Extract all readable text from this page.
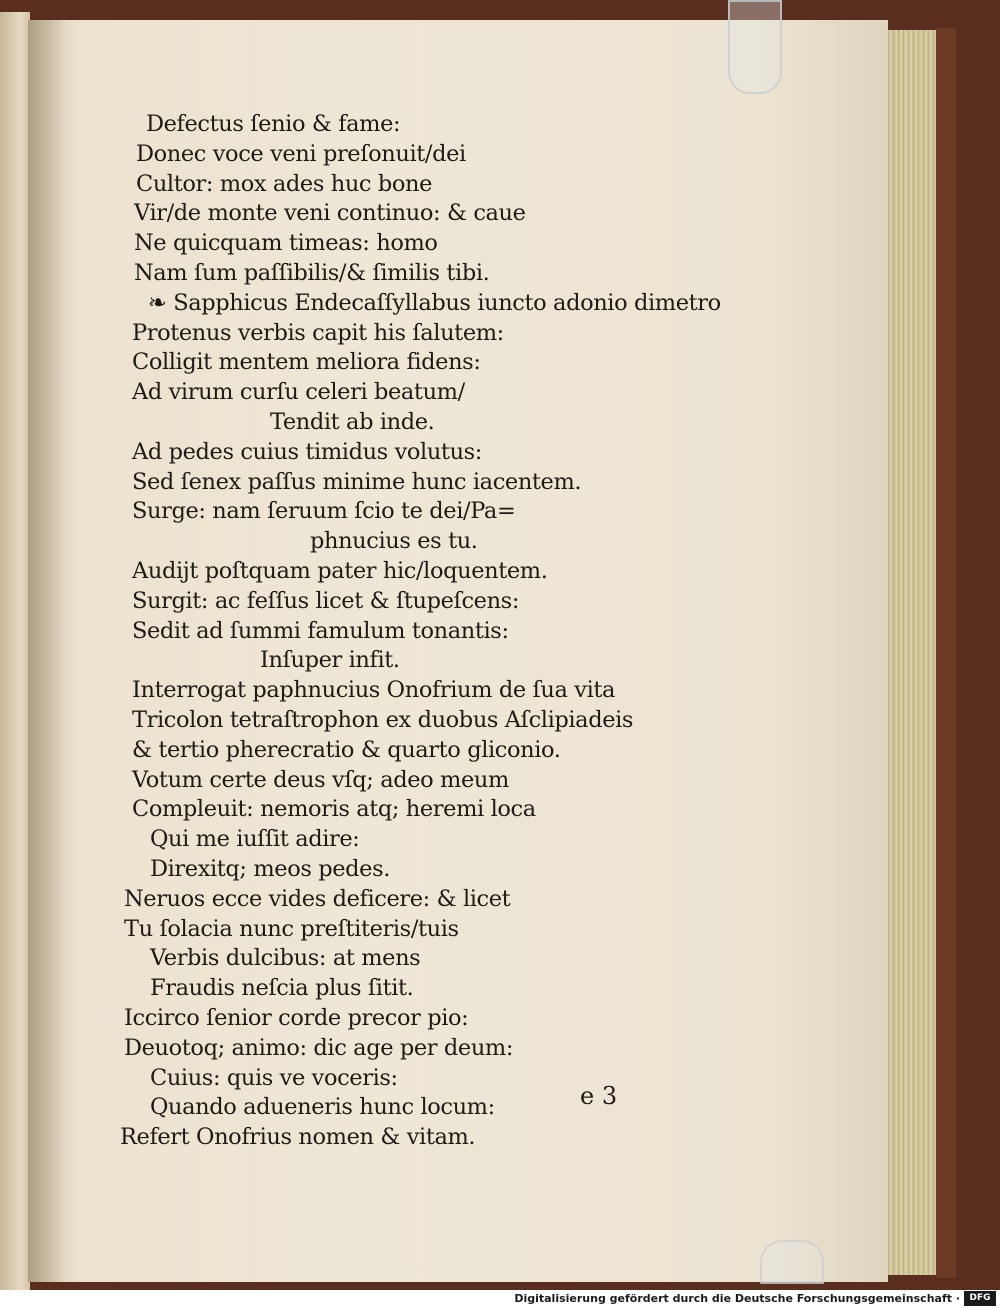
Defectus ſenio & fame:
Donec voce veni preſonuit/dei
Cultor: mox ades huc bone
Vir/de monte veni continuo: & caue
Ne quicquam timeas: homo
Nam ſum paſſibilis/& ſimilis tibi.
❧ Sapphicus Endecaſſyllabus iuncto adonio dimetro
Protenus verbis capit his ſalutem:
Colligit mentem meliora fidens:
Ad virum curſu celeri beatum/
Tendit ab inde.
Ad pedes cuius timidus volutus:
Sed ſenex paſſus minime hunc iacentem.
Surge: nam ſeruum ſcio te dei/Pa=
phnucius es tu.
Audijt poſtquam pater hic/loquentem.
Surgit: ac feſſus licet & ſtupeſcens:
Sedit ad ſummi famulum tonantis:
Inſuper infit.
Interrogat paphnucius Onofrium de ſua vita
Tricolon tetraſtrophon ex duobus Aſclipiadeis
& tertio pherecratio & quarto gliconio.
Votum certe deus vſq; adeo meum
Compleuit: nemoris atq; heremi loca
Qui me iuſſit adire:
Direxitq; meos pedes.
Neruos ecce vides deficere: & licet
Tu ſolacia nunc preſtiteris/tuis
Verbis dulcibus: at mens
Fraudis neſcia plus ſitit.
Iccirco ſenior corde precor pio:
Deuotoq; animo: dic age per deum:
Cuius: quis ve voceris:
Quando adueneris hunc locum:
Refert Onofrius nomen & vitam.
e 3
Digitalisierung gefördert durch die Deutsche Forschungsgemeinschaft ·	DFG
